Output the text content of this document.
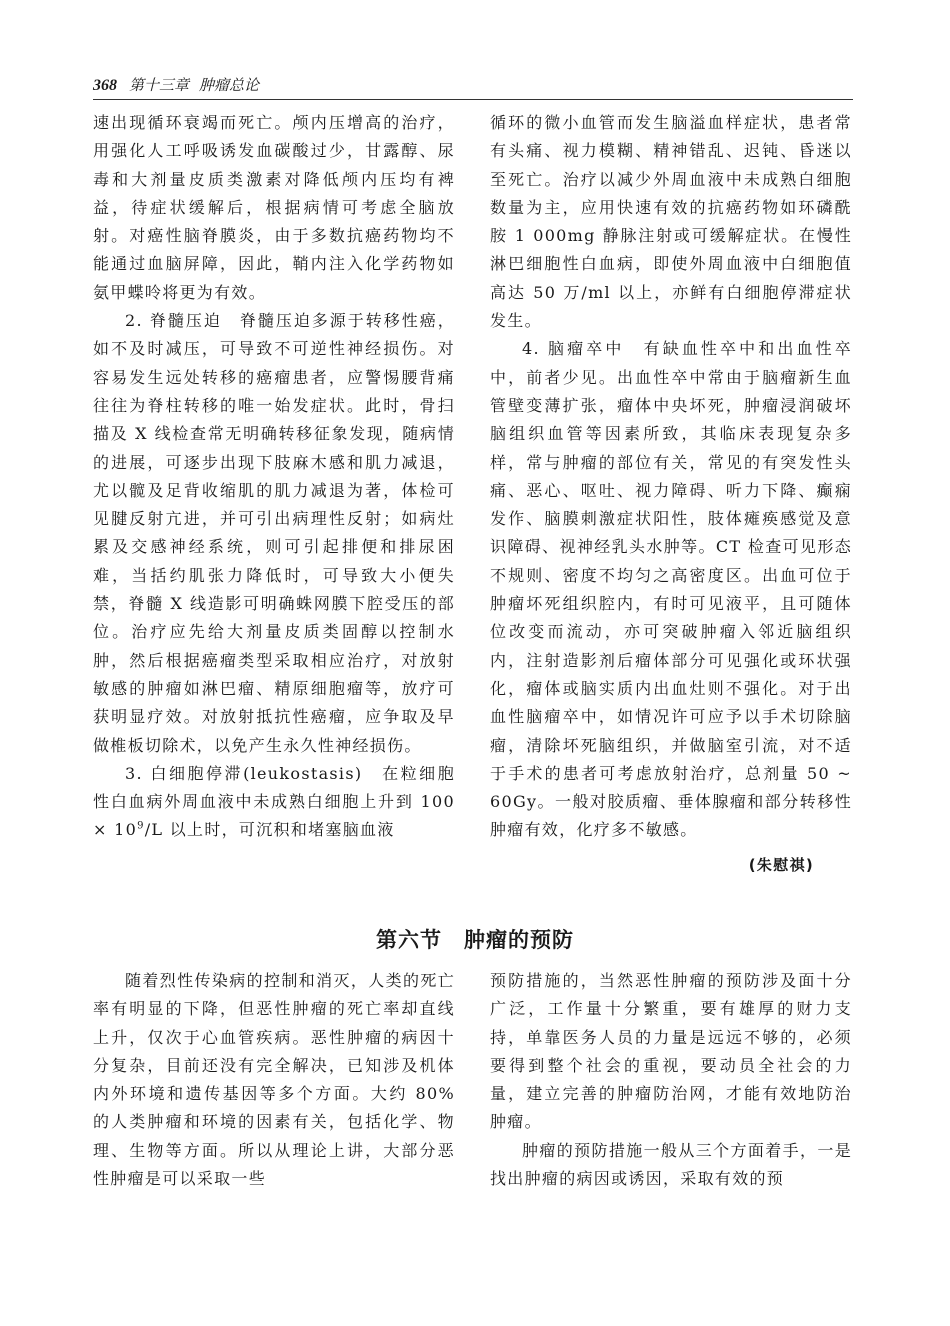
368 第十三章 肿瘤总论

速出现循环衰竭而死亡。颅内压增高的治疗，用强化人工呼吸诱发血碳酸过少，甘露醇、尿毒和大剂量皮质类激素对降低颅内压均有裨益，待症状缓解后，根据病情可考虑全脑放射。对癌性脑脊膜炎，由于多数抗癌药物均不能通过血脑屏障，因此，鞘内注入化学药物如氨甲蝶呤将更为有效。

2. 脊髓压迫　脊髓压迫多源于转移性癌，如不及时减压，可导致不可逆性神经损伤。对容易发生远处转移的癌瘤患者，应警惕腰背痛往往为脊柱转移的唯一始发症状。此时，骨扫描及 X 线检查常无明确转移征象发现，随病情的进展，可逐步出现下肢麻木感和肌力减退，尤以髋及足背收缩肌的肌力减退为著，体检可见腱反射亢进，并可引出病理性反射；如病灶累及交感神经系统，则可引起排便和排尿困难，当括约肌张力降低时，可导致大小便失禁，脊髓 X 线造影可明确蛛网膜下腔受压的部位。治疗应先给大剂量皮质类固醇以控制水肿，然后根据癌瘤类型采取相应治疗，对放射敏感的肿瘤如淋巴瘤、精原细胞瘤等，放疗可获明显疗效。对放射抵抗性癌瘤，应争取及早做椎板切除术，以免产生永久性神经损伤。

3. 白细胞停滞(leukostasis)　在粒细胞性白血病外周血液中未成熟白细胞上升到 $100 \times 10^9/L$ 以上时，可沉积和堵塞脑血液

循环的微小血管而发生脑溢血样症状，患者常有头痛、视力模糊、精神错乱、迟钝、昏迷以至死亡。治疗以减少外周血液中未成熟白细胞数量为主，应用快速有效的抗癌药物如环磷酰胺 1 000mg 静脉注射或可缓解症状。在慢性淋巴细胞性白血病，即使外周血液中白细胞值高达 50 万/ml 以上，亦鲜有白细胞停滞症状发生。

4. 脑瘤卒中　有缺血性卒中和出血性卒中，前者少见。出血性卒中常由于脑瘤新生血管壁变薄扩张，瘤体中央坏死，肿瘤浸润破坏脑组织血管等因素所致，其临床表现复杂多样，常与肿瘤的部位有关，常见的有突发性头痛、恶心、呕吐、视力障碍、听力下降、癫痫发作、脑膜刺激症状阳性，肢体瘫痪感觉及意识障碍、视神经乳头水肿等。CT 检查可见形态不规则、密度不均匀之高密度区。出血可位于肿瘤坏死组织腔内，有时可见液平，且可随体位改变而流动，亦可突破肿瘤入邻近脑组织内，注射造影剂后瘤体部分可见强化或环状强化，瘤体或脑实质内出血灶则不强化。对于出血性脑瘤卒中，如情况许可应予以手术切除脑瘤，清除坏死脑组织，并做脑室引流，对不适于手术的患者可考虑放射治疗，总剂量 50 ~ 60Gy。一般对胶质瘤、垂体腺瘤和部分转移性肿瘤有效，化疗多不敏感。

(朱慰祺)

第六节 肿瘤的预防

随着烈性传染病的控制和消灭，人类的死亡率有明显的下降，但恶性肿瘤的死亡率却直线上升，仅次于心血管疾病。恶性肿瘤的病因十分复杂，目前还没有完全解决，已知涉及机体内外环境和遗传基因等多个方面。大约 80% 的人类肿瘤和环境的因素有关，包括化学、物理、生物等方面。所以从理论上讲，大部分恶性肿瘤是可以采取一些

预防措施的，当然恶性肿瘤的预防涉及面十分广泛，工作量十分繁重，要有雄厚的财力支持，单靠医务人员的力量是远远不够的，必须要得到整个社会的重视，要动员全社会的力量，建立完善的肿瘤防治网，才能有效地防治肿瘤。

肿瘤的预防措施一般从三个方面着手，一是找出肿瘤的病因或诱因，采取有效的预
